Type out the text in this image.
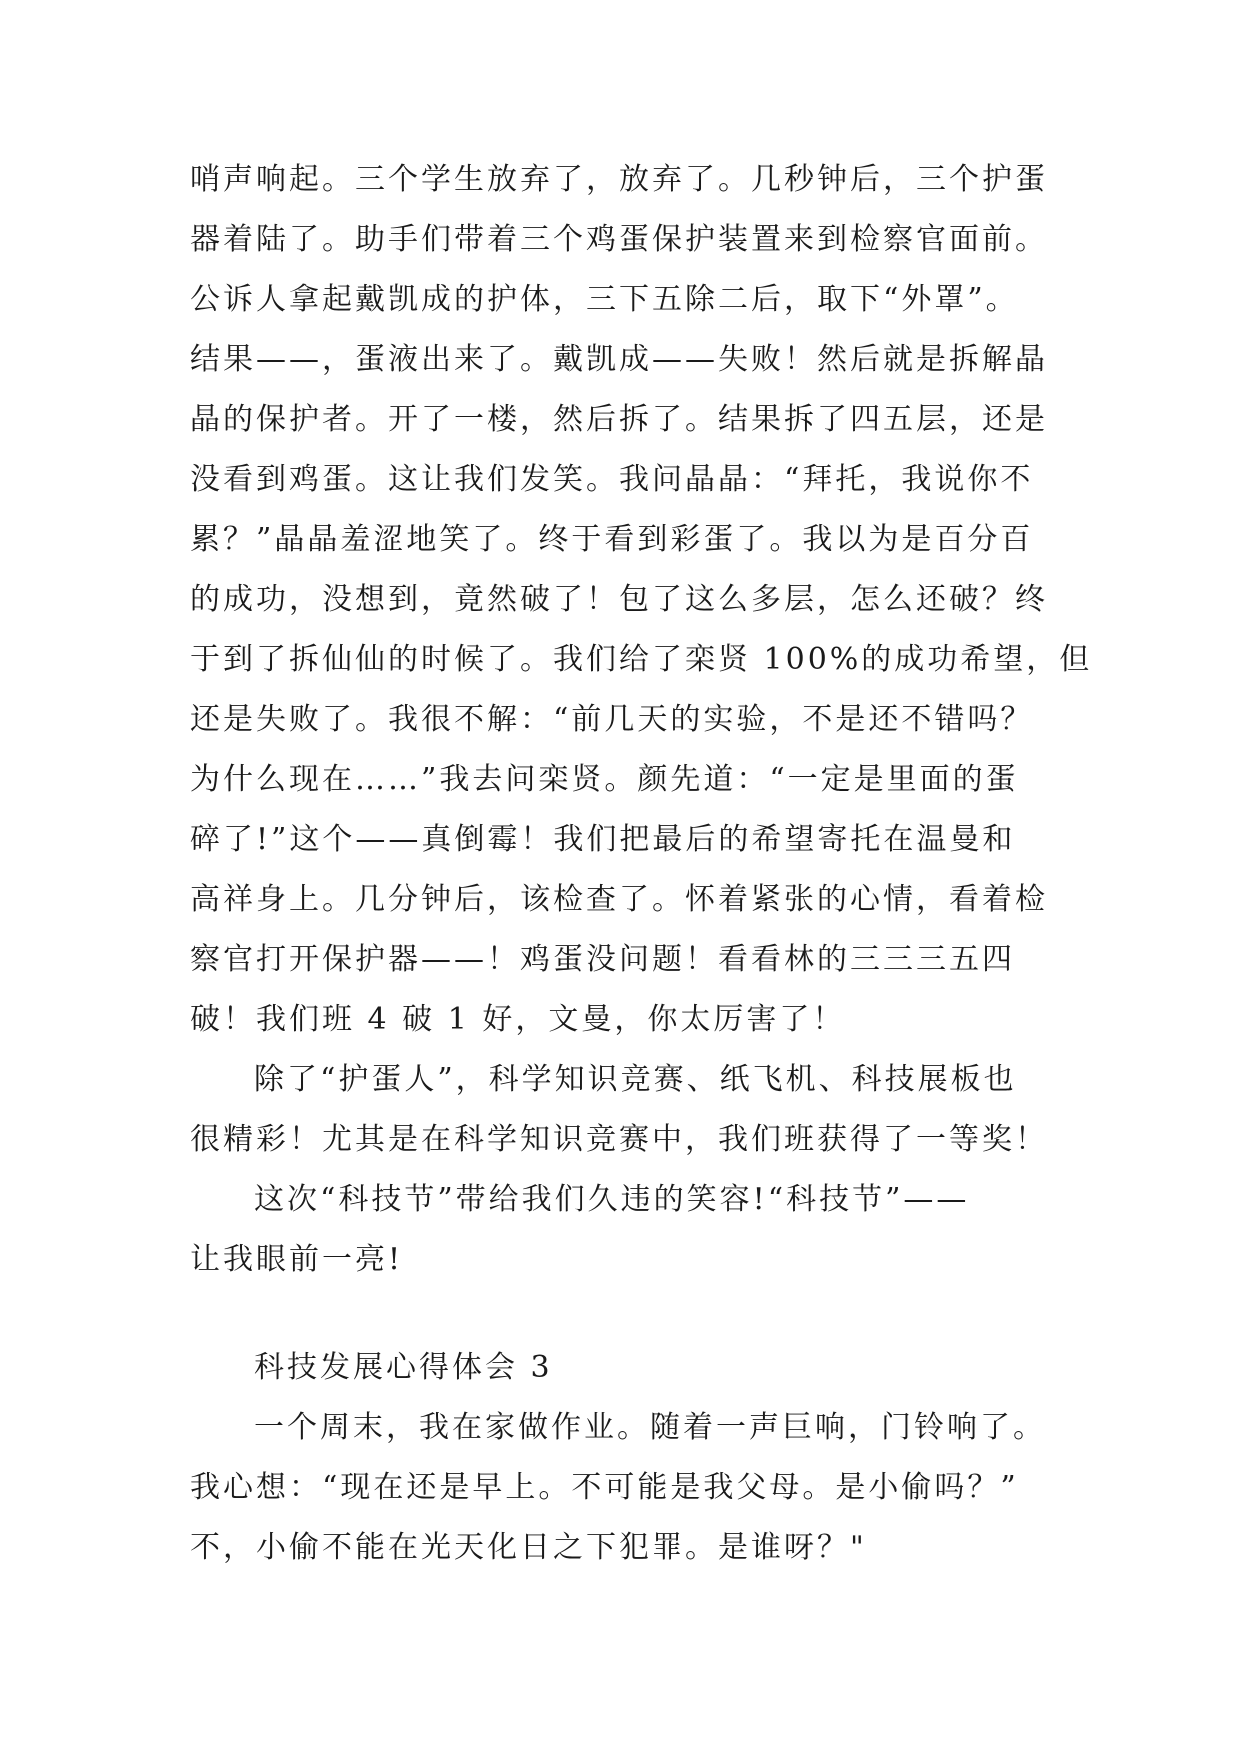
哨声响起。三个学生放弃了，放弃了。几秒钟后，三个护蛋
器着陆了。助手们带着三个鸡蛋保护装置来到检察官面前。
公诉人拿起戴凯成的护体，三下五除二后，取下“外罩”。
结果——，蛋液出来了。戴凯成——失败！然后就是拆解晶
晶的保护者。开了一楼，然后拆了。结果拆了四五层，还是
没看到鸡蛋。这让我们发笑。我问晶晶：“拜托，我说你不
累？”晶晶羞涩地笑了。终于看到彩蛋了。我以为是百分百
的成功，没想到，竟然破了！包了这么多层，怎么还破？终
于到了拆仙仙的时候了。我们给了栾贤 100%的成功希望，但
还是失败了。我很不解：“前几天的实验，不是还不错吗？
为什么现在……”我去问栾贤。颜先道：“一定是里面的蛋
碎了!”这个——真倒霉！我们把最后的希望寄托在温曼和
高祥身上。几分钟后，该检查了。怀着紧张的心情，看着检
察官打开保护器——！鸡蛋没问题！看看林的三三三五四
破！我们班 4 破 1 好，文曼，你太厉害了！
除了“护蛋人”，科学知识竞赛、纸飞机、科技展板也
很精彩！尤其是在科学知识竞赛中，我们班获得了一等奖！
这次“科技节”带给我们久违的笑容!“科技节”——
让我眼前一亮!
科技发展心得体会 3
一个周末，我在家做作业。随着一声巨响，门铃响了。
我心想：“现在还是早上。不可能是我父母。是小偷吗？”
不，小偷不能在光天化日之下犯罪。是谁呀？"
